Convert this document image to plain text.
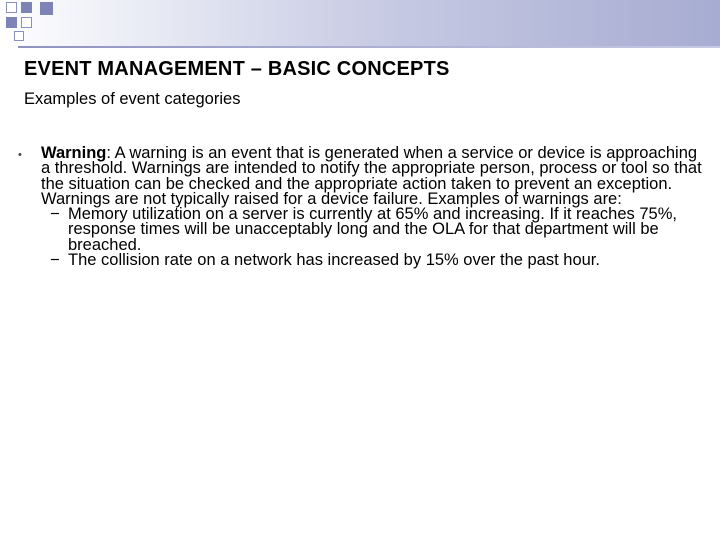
EVENT MANAGEMENT – BASIC CONCEPTS
Examples of event categories
• Warning: A warning is an event that is generated when a service or device is approaching a threshold. Warnings are intended to notify the appropriate person, process or tool so that the situation can be checked and the appropriate action taken to prevent an exception. Warnings are not typically raised for a device failure. Examples of warnings are:
− Memory utilization on a server is currently at 65% and increasing. If it reaches 75%, response times will be unacceptably long and the OLA for that department will be breached.
− The collision rate on a network has increased by 15% over the past hour.
